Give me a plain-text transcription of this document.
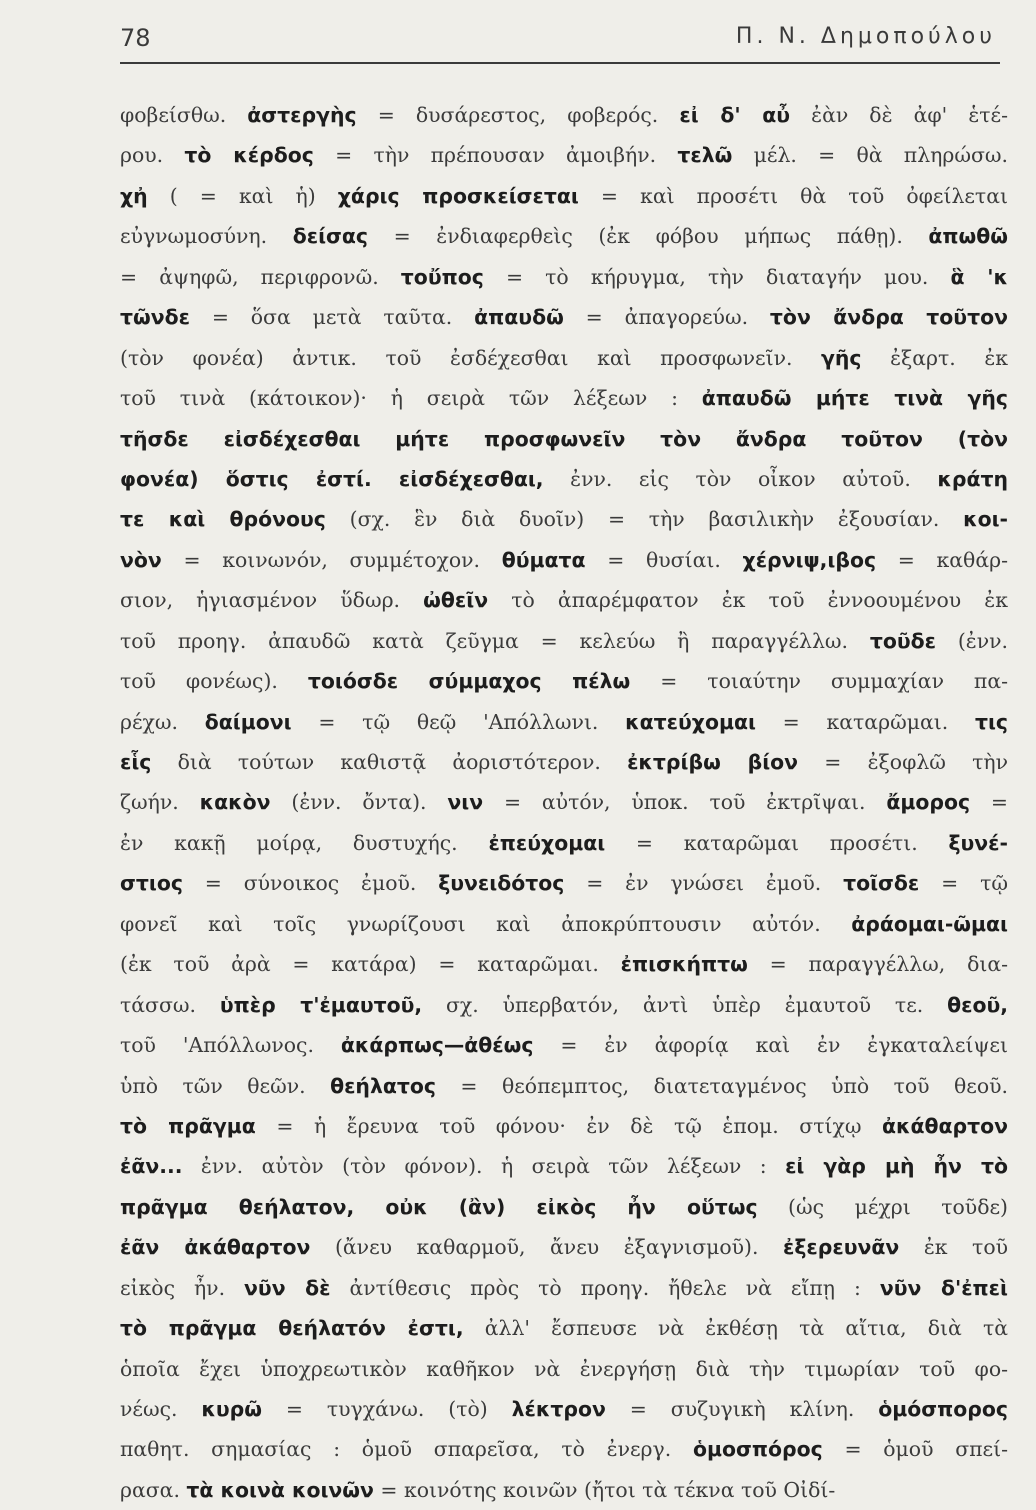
78	Π. Ν. Δημοπούλου
φοβείσθω. ἀστεργὴς = δυσάρεστος, φοβερός. εἰ δ' αὖ ἐὰν δὲ ἀφ' ἑτέ-
ρου. τὸ κέρδος = τὴν πρέπουσαν ἀμοιβήν. τελῶ μέλ. = θὰ πληρώσω.
χἠ ( = καὶ ἡ) χάρις προσκείσεται = καὶ προσέτι θὰ τοῦ ὀφείλεται
εὐγνωμοσύνη. δείσας = ἐνδιαφερθεὶς (ἐκ φόβου μήπως πάθῃ). ἀπωθῶ
= ἀψηφῶ, περιφρονῶ. τοὔπος = τὸ κήρυγμα, τὴν διαταγήν μου. ἃ 'κ
τῶνδε = ὅσα μετὰ ταῦτα. ἀπαυδῶ = ἀπαγορεύω. τὸν ἄνδρα τοῦτον
(τὸν φονέα) ἀντικ. τοῦ ἐσδέχεσθαι καὶ προσφωνεῖν. γῆς ἐξαρτ. ἐκ
τοῦ τινὰ (κάτοικον)· ἡ σειρὰ τῶν λέξεων : ἀπαυδῶ μήτε τινὰ γῆς
τῆσδε εἰσδέχεσθαι μήτε προσφωνεῖν τὸν ἄνδρα τοῦτον (τὸν
φονέα) ὅστις ἐστί. εἰσδέχεσθαι, ἐνν. εἰς τὸν οἶκον αὐτοῦ. κράτη
τε καὶ θρόνους (σχ. ἓν διὰ δυοῖν) = τὴν βασιλικὴν ἐξουσίαν. κοι-
νὸν = κοινωνόν, συμμέτοχον. θύματα = θυσίαι. χέρνιψ,ιβος = καθάρ-
σιον, ἡγιασμένον ὕδωρ. ὠθεῖν τὸ ἀπαρέμφατον ἐκ τοῦ ἐννοουμένου ἐκ
τοῦ προηγ. ἀπαυδῶ κατὰ ζεῦγμα = κελεύω ἢ παραγγέλλω. τοῦδε (ἐνν.
τοῦ φονέως). τοιόσδε σύμμαχος πέλω = τοιαύτην συμμαχίαν πα-
ρέχω. δαίμονι = τῷ θεῷ 'Απόλλωνι. κατεύχομαι = καταρῶμαι. τις
εἷς διὰ τούτων καθιστᾷ ἀοριστότερον. ἐκτρίβω βίον = ἐξοφλῶ τὴν
ζωήν. κακὸν (ἐνν. ὄντα). νιν = αὐτόν, ὑποκ. τοῦ ἐκτρῖψαι. ἄμορος =
ἐν κακῇ μοίρᾳ, δυστυχής. ἐπεύχομαι = καταρῶμαι προσέτι. ξυνέ-
στιος = σύνοικος ἐμοῦ. ξυνειδότος = ἐν γνώσει ἐμοῦ. τοῖσδε = τῷ
φονεῖ καὶ τοῖς γνωρίζουσι καὶ ἀποκρύπτουσιν αὐτόν. ἀράομαι-ῶμαι
(ἐκ τοῦ ἀρὰ = κατάρα) = καταρῶμαι. ἐπισκήπτω = παραγγέλλω, δια-
τάσσω. ὑπὲρ τ'ἐμαυτοῦ, σχ. ὑπερβατόν, ἀντὶ ὑπὲρ ἐμαυτοῦ τε. θεοῦ,
τοῦ 'Απόλλωνος. ἀκάρπως—ἀθέως = ἐν ἀφορίᾳ καὶ ἐν ἐγκαταλείψει
ὑπὸ τῶν θεῶν. θεήλατος = θεόπεμπτος, διατεταγμένος ὑπὸ τοῦ θεοῦ.
τὸ πρᾶγμα = ἡ ἔρευνα τοῦ φόνου· ἐν δὲ τῷ ἑπομ. στίχῳ ἀκάθαρτον
ἐᾶν... ἐνν. αὐτὸν (τὸν φόνον). ἡ σειρὰ τῶν λέξεων : εἰ γὰρ μὴ ἦν τὸ
πρᾶγμα θεήλατον, οὐκ (ἂν) εἰκὸς ἦν οὕτως (ὡς μέχρι τοῦδε)
ἐᾶν ἀκάθαρτον (ἄνευ καθαρμοῦ, ἄνευ ἐξαγνισμοῦ). ἐξερευνᾶν ἐκ τοῦ
εἰκὸς ἦν. νῦν δὲ ἀντίθεσις πρὸς τὸ προηγ. ἤθελε νὰ εἴπῃ : νῦν δ'ἐπεὶ
τὸ πρᾶγμα θεήλατόν ἐστι, ἀλλ' ἔσπευσε νὰ ἐκθέσῃ τὰ αἴτια, διὰ τὰ
ὁποῖα ἔχει ὑποχρεωτικὸν καθῆκον νὰ ἐνεργήσῃ διὰ τὴν τιμωρίαν τοῦ φο-
νέως. κυρῶ = τυγχάνω. (τὸ) λέκτρον = συζυγικὴ κλίνη. ὁμόσπορος
παθητ. σημασίας : ὁμοῦ σπαρεῖσα, τὸ ἐνεργ. ὁμοσπόρος = ὁμοῦ σπεί-
ρασα. τὰ κοινὰ κοινῶν = κοινότης κοινῶν (ἤτοι τὰ τέκνα τοῦ Οἰδί-
